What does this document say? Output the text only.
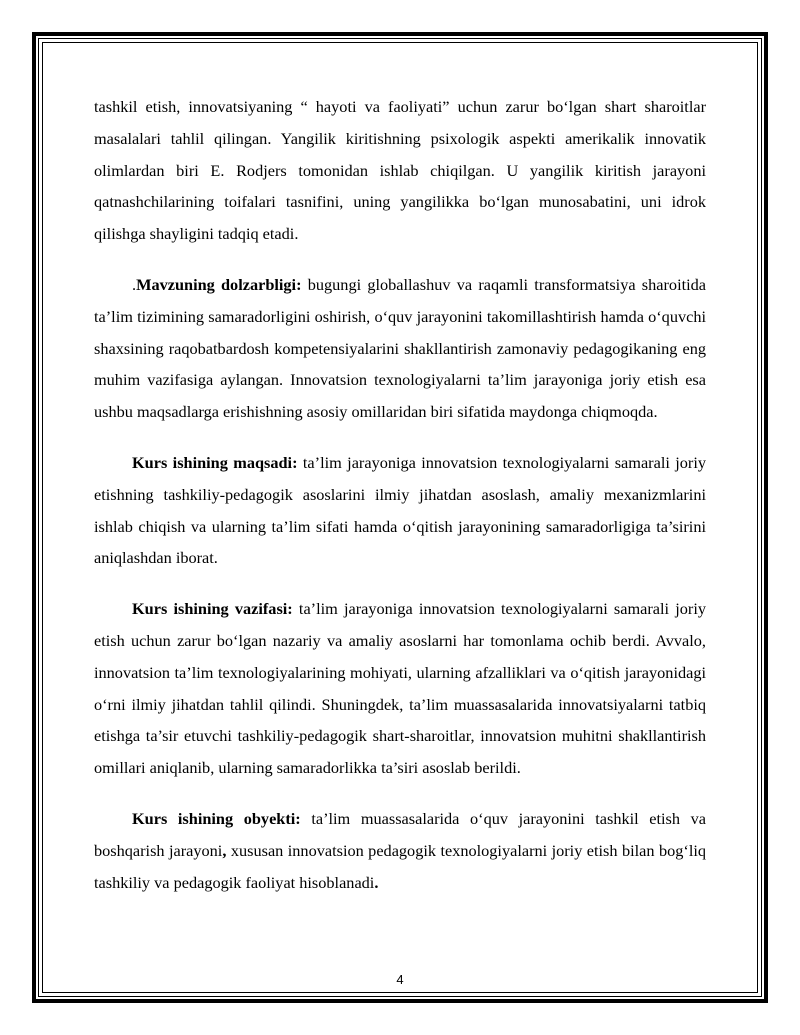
tashkil etish, innovatsiyaning “ hayoti va faoliyati” uchun zarur bo‘lgan shart sharoitlar masalalari tahlil qilingan. Yangilik kiritishning psixologik aspekti amerikalik innovatik olimlardan biri E. Rodjers tomonidan ishlab chiqilgan. U yangilik kiritish jarayoni qatnashchilarining toifalari tasnifini, uning yangilikka bo‘lgan munosabatini, uni idrok qilishga shayligini tadqiq etadi.

.Mavzuning dolzarbligi: bugungi globallashuv va raqamli transformatsiya sharoitida ta’lim tizimining samaradorligini oshirish, o‘quv jarayonini takomillashtirish hamda o‘quvchi shaxsining raqobatbardosh kompetensiyalarini shakllantirish zamonaviy pedagogikaning eng muhim vazifasiga aylangan. Innovatsion texnologiyalarni ta’lim jarayoniga joriy etish esa ushbu maqsadlarga erishishning asosiy omillaridan biri sifatida maydonga chiqmoqda.

Kurs ishining maqsadi: ta’lim jarayoniga innovatsion texnologiyalarni samarali joriy etishning tashkiliy-pedagogik asoslarini ilmiy jihatdan asoslash, amaliy mexanizmlarini ishlab chiqish va ularning ta’lim sifati hamda o‘qitish jarayonining samaradorligiga ta’sirini aniqlashdan iborat.

Kurs ishining vazifasi: ta’lim jarayoniga innovatsion texnologiyalarni samarali joriy etish uchun zarur bo‘lgan nazariy va amaliy asoslarni har tomonlama ochib berdi. Avvalo, innovatsion ta’lim texnologiyalarining mohiyati, ularning afzalliklari va o‘qitish jarayonidagi o‘rni ilmiy jihatdan tahlil qilindi. Shuningdek, ta’lim muassasalarida innovatsiyalarni tatbiq etishga ta’sir etuvchi tashkiliy-pedagogik shart-sharoitlar, innovatsion muhitni shakllantirish omillari aniqlanib, ularning samaradorlikka ta’siri asoslab berildi.

Kurs ishining obyekti: ta’lim muassasalarida o‘quv jarayonini tashkil etish va boshqarish jarayoni, xususan innovatsion pedagogik texnologiyalarni joriy etish bilan bog‘liq tashkiliy va pedagogik faoliyat hisoblanadi.

4
